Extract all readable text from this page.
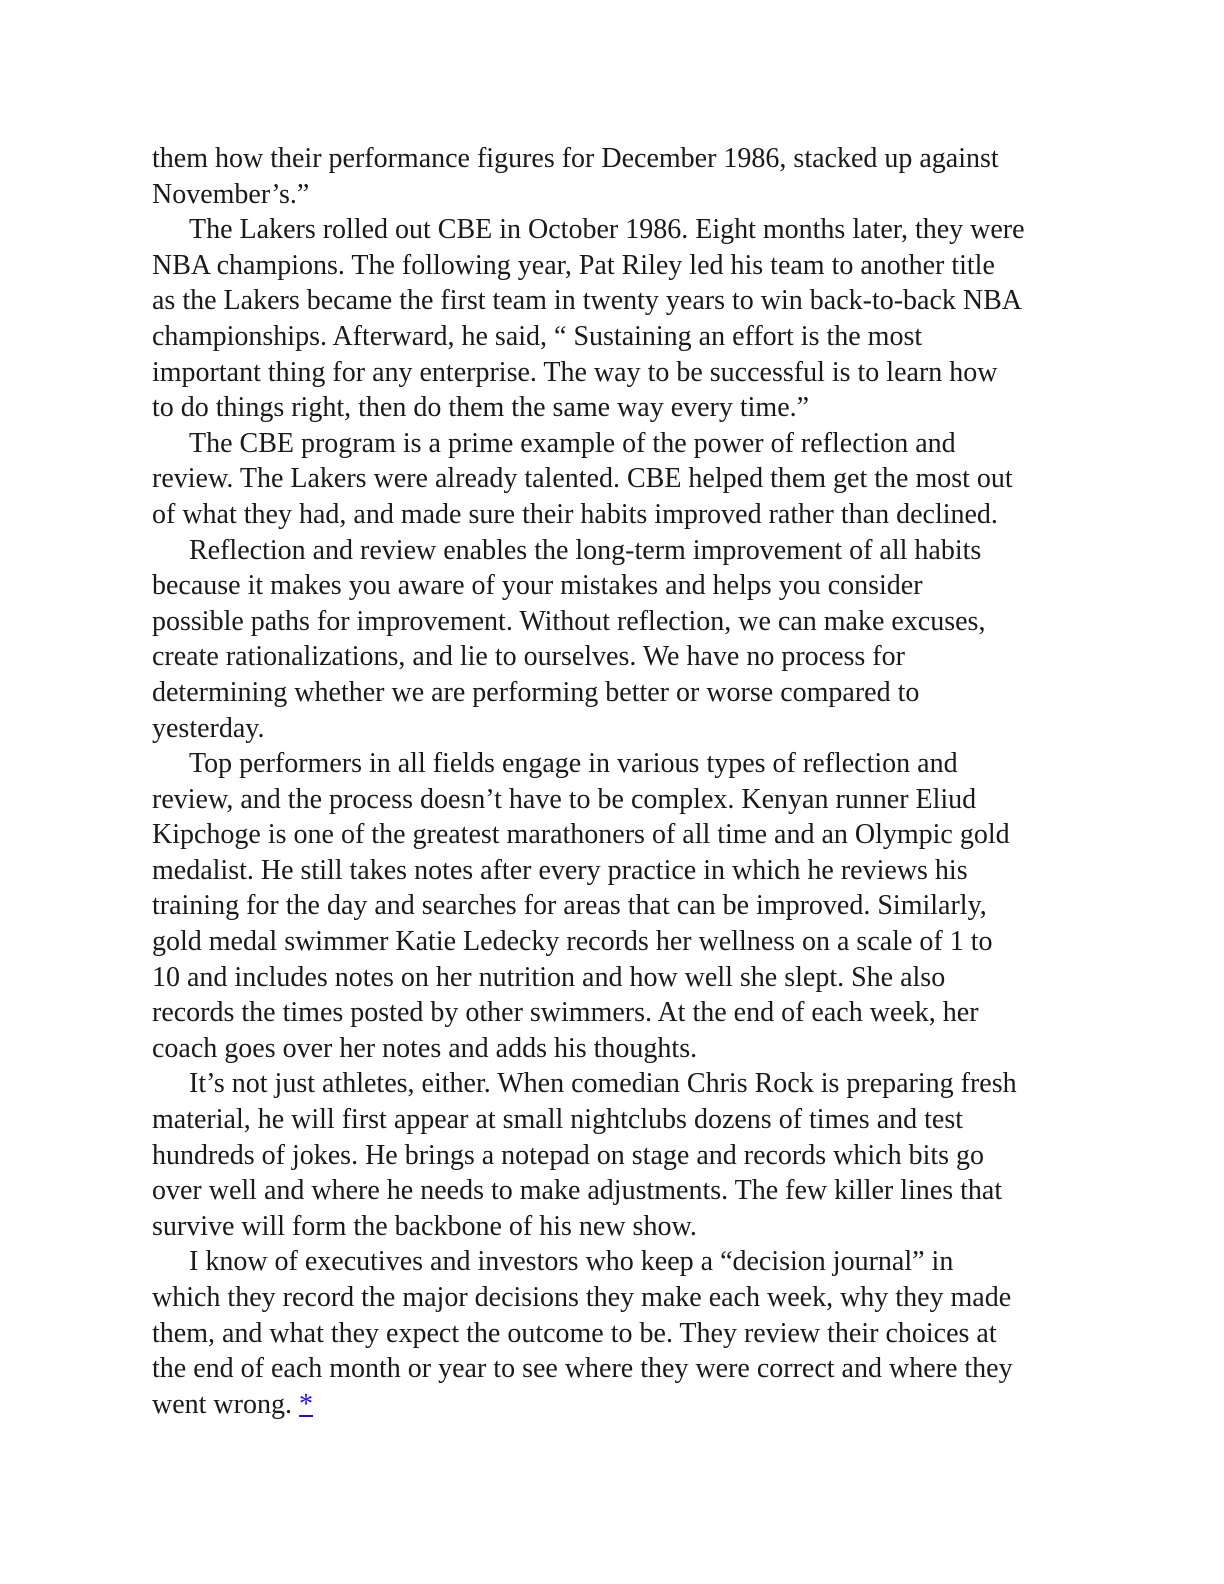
them how their performance figures for December 1986, stacked up against
November’s.”

The Lakers rolled out CBE in October 1986. Eight months later, they were
NBA champions. The following year, Pat Riley led his team to another title
as the Lakers became the first team in twenty years to win back-to-back NBA
championships. Afterward, he said, “ Sustaining an effort is the most
important thing for any enterprise. The way to be successful is to learn how
to do things right, then do them the same way every time.”

The CBE program is a prime example of the power of reflection and
review. The Lakers were already talented. CBE helped them get the most out
of what they had, and made sure their habits improved rather than declined.

Reflection and review enables the long-term improvement of all habits
because it makes you aware of your mistakes and helps you consider
possible paths for improvement. Without reflection, we can make excuses,
create rationalizations, and lie to ourselves. We have no process for
determining whether we are performing better or worse compared to
yesterday.

Top performers in all fields engage in various types of reflection and
review, and the process doesn’t have to be complex. Kenyan runner Eliud
Kipchoge is one of the greatest marathoners of all time and an Olympic gold
medalist. He still takes notes after every practice in which he reviews his
training for the day and searches for areas that can be improved. Similarly,
gold medal swimmer Katie Ledecky records her wellness on a scale of 1 to
10 and includes notes on her nutrition and how well she slept. She also
records the times posted by other swimmers. At the end of each week, her
coach goes over her notes and adds his thoughts.

It’s not just athletes, either. When comedian Chris Rock is preparing fresh
material, he will first appear at small nightclubs dozens of times and test
hundreds of jokes. He brings a notepad on stage and records which bits go
over well and where he needs to make adjustments. The few killer lines that
survive will form the backbone of his new show.

I know of executives and investors who keep a “decision journal” in
which they record the major decisions they make each week, why they made
them, and what they expect the outcome to be. They review their choices at
the end of each month or year to see where they were correct and where they
went wrong. *
